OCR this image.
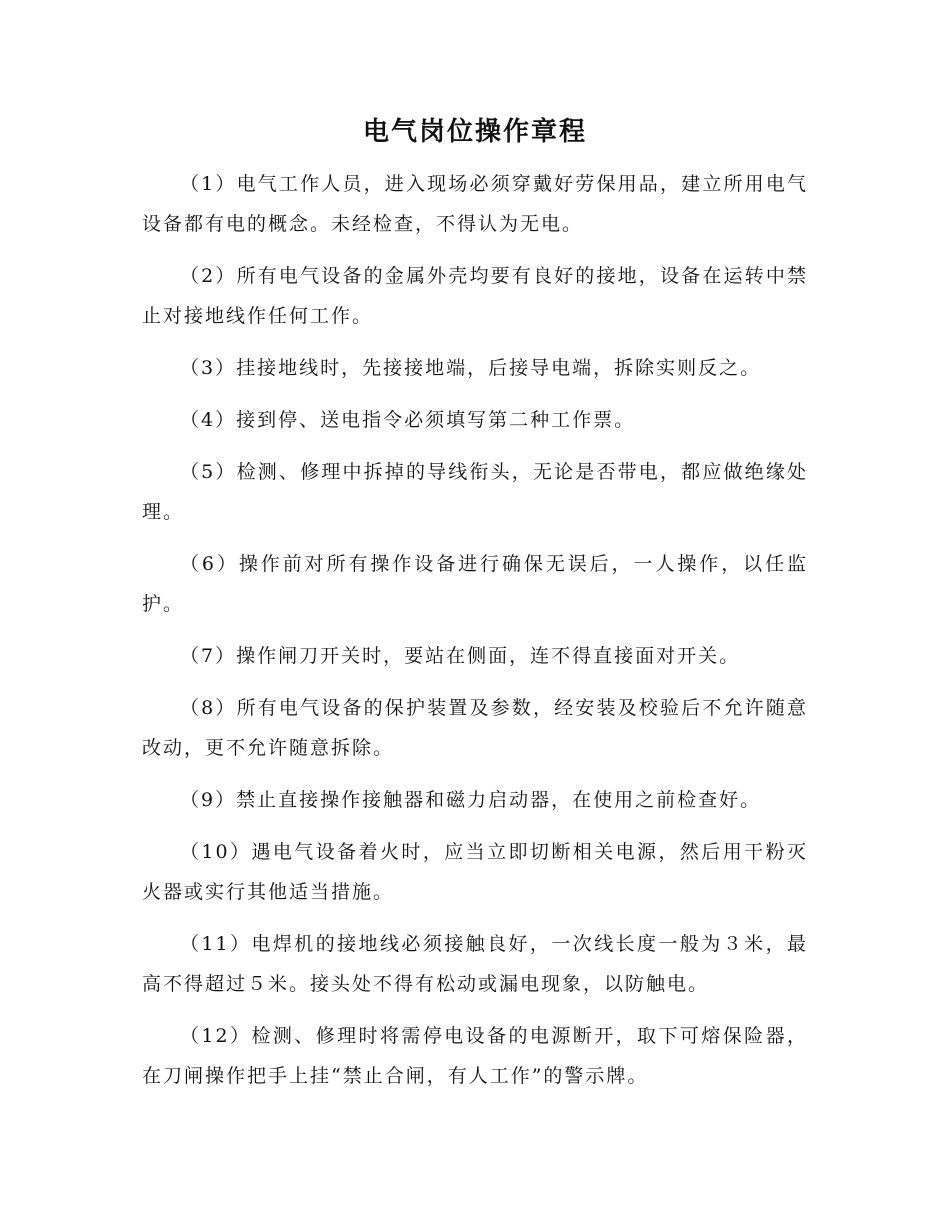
电气岗位操作章程

（1）电气工作人员，进入现场必须穿戴好劳保用品，建立所用电气设备都有电的概念。未经检查，不得认为无电。

（2）所有电气设备的金属外壳均要有良好的接地，设备在运转中禁止对接地线作任何工作。

（3）挂接地线时，先接接地端，后接导电端，拆除实则反之。

（4）接到停、送电指令必须填写第二种工作票。

（5）检测、修理中拆掉的导线衔头，无论是否带电，都应做绝缘处理。

（6）操作前对所有操作设备进行确保无误后，一人操作，以任监护。

（7）操作闸刀开关时，要站在侧面，连不得直接面对开关。

（8）所有电气设备的保护装置及参数，经安装及校验后不允许随意改动，更不允许随意拆除。

（9）禁止直接操作接触器和磁力启动器，在使用之前检查好。

（10）遇电气设备着火时，应当立即切断相关电源，然后用干粉灭火器或实行其他适当措施。

（11）电焊机的接地线必须接触良好，一次线长度一般为３米，最高不得超过５米。接头处不得有松动或漏电现象，以防触电。

（12）检测、修理时将需停电设备的电源断开，取下可熔保险器，在刀闸操作把手上挂“禁止合闸，有人工作”的警示牌。
